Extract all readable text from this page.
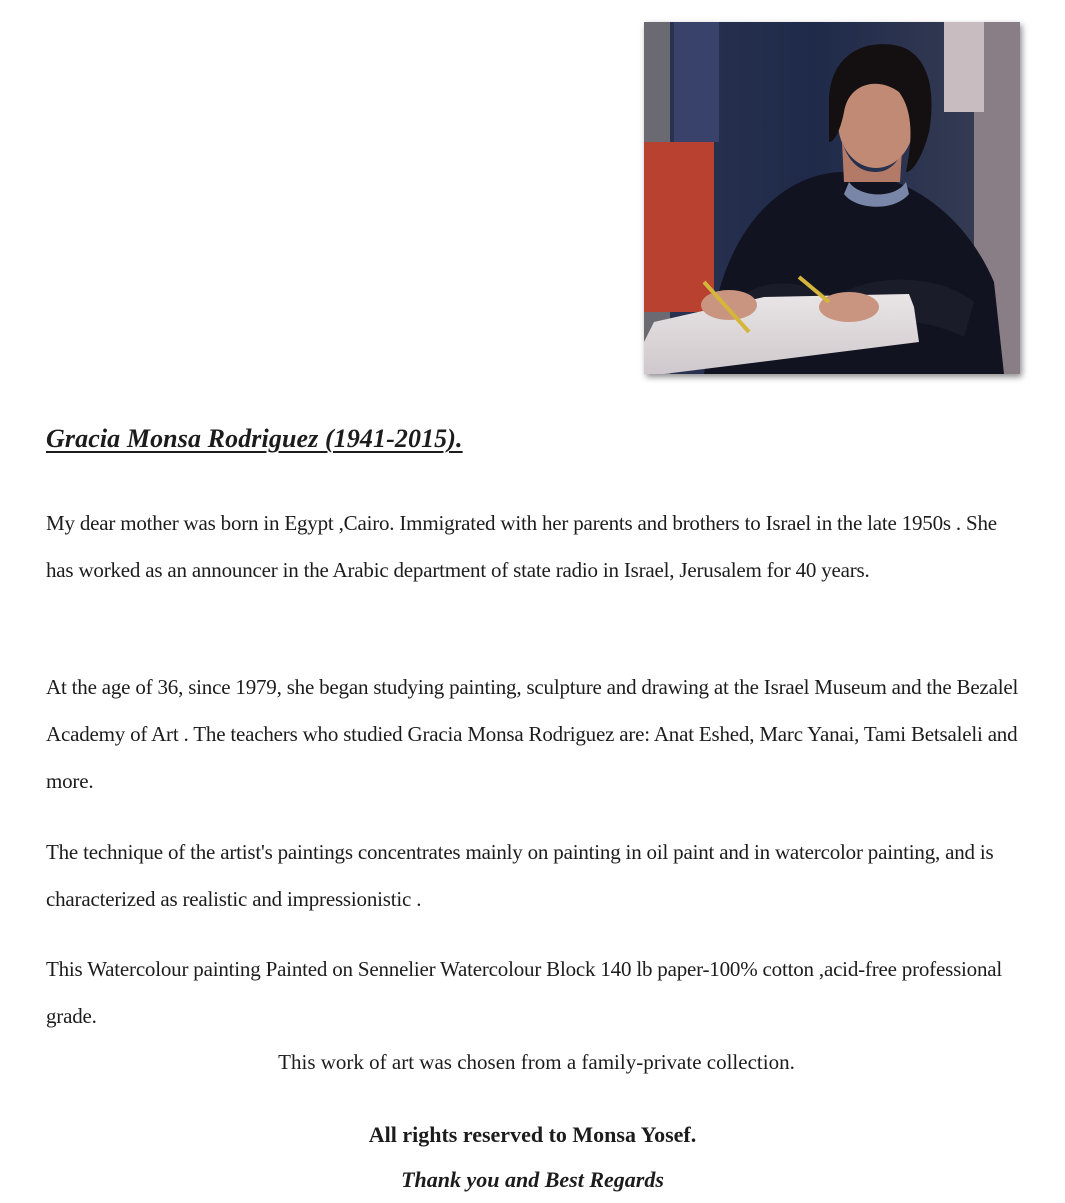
Gracia Monsa Rodriguez (1941-2015).

My dear mother was born in Egypt ,Cairo. Immigrated with her parents and brothers to Israel in the late 1950s . She has worked as an announcer in the Arabic department of state radio in Israel, Jerusalem for 40 years.

At the age of 36, since 1979, she began studying painting, sculpture and drawing at the Israel Museum and the Bezalel Academy of Art . The teachers who studied Gracia Monsa Rodriguez are: Anat Eshed, Marc Yanai, Tami Betsaleli and more.

The technique of the artist's paintings concentrates mainly on painting in oil paint and in watercolor painting, and is characterized as realistic and impressionistic .

This Watercolour painting Painted on Sennelier Watercolour Block 140 lb paper-100% cotton ,acid-free professional grade.

This work of art was chosen from a family-private collection.

All rights reserved to Monsa Yosef.

Thank you and Best Regards
